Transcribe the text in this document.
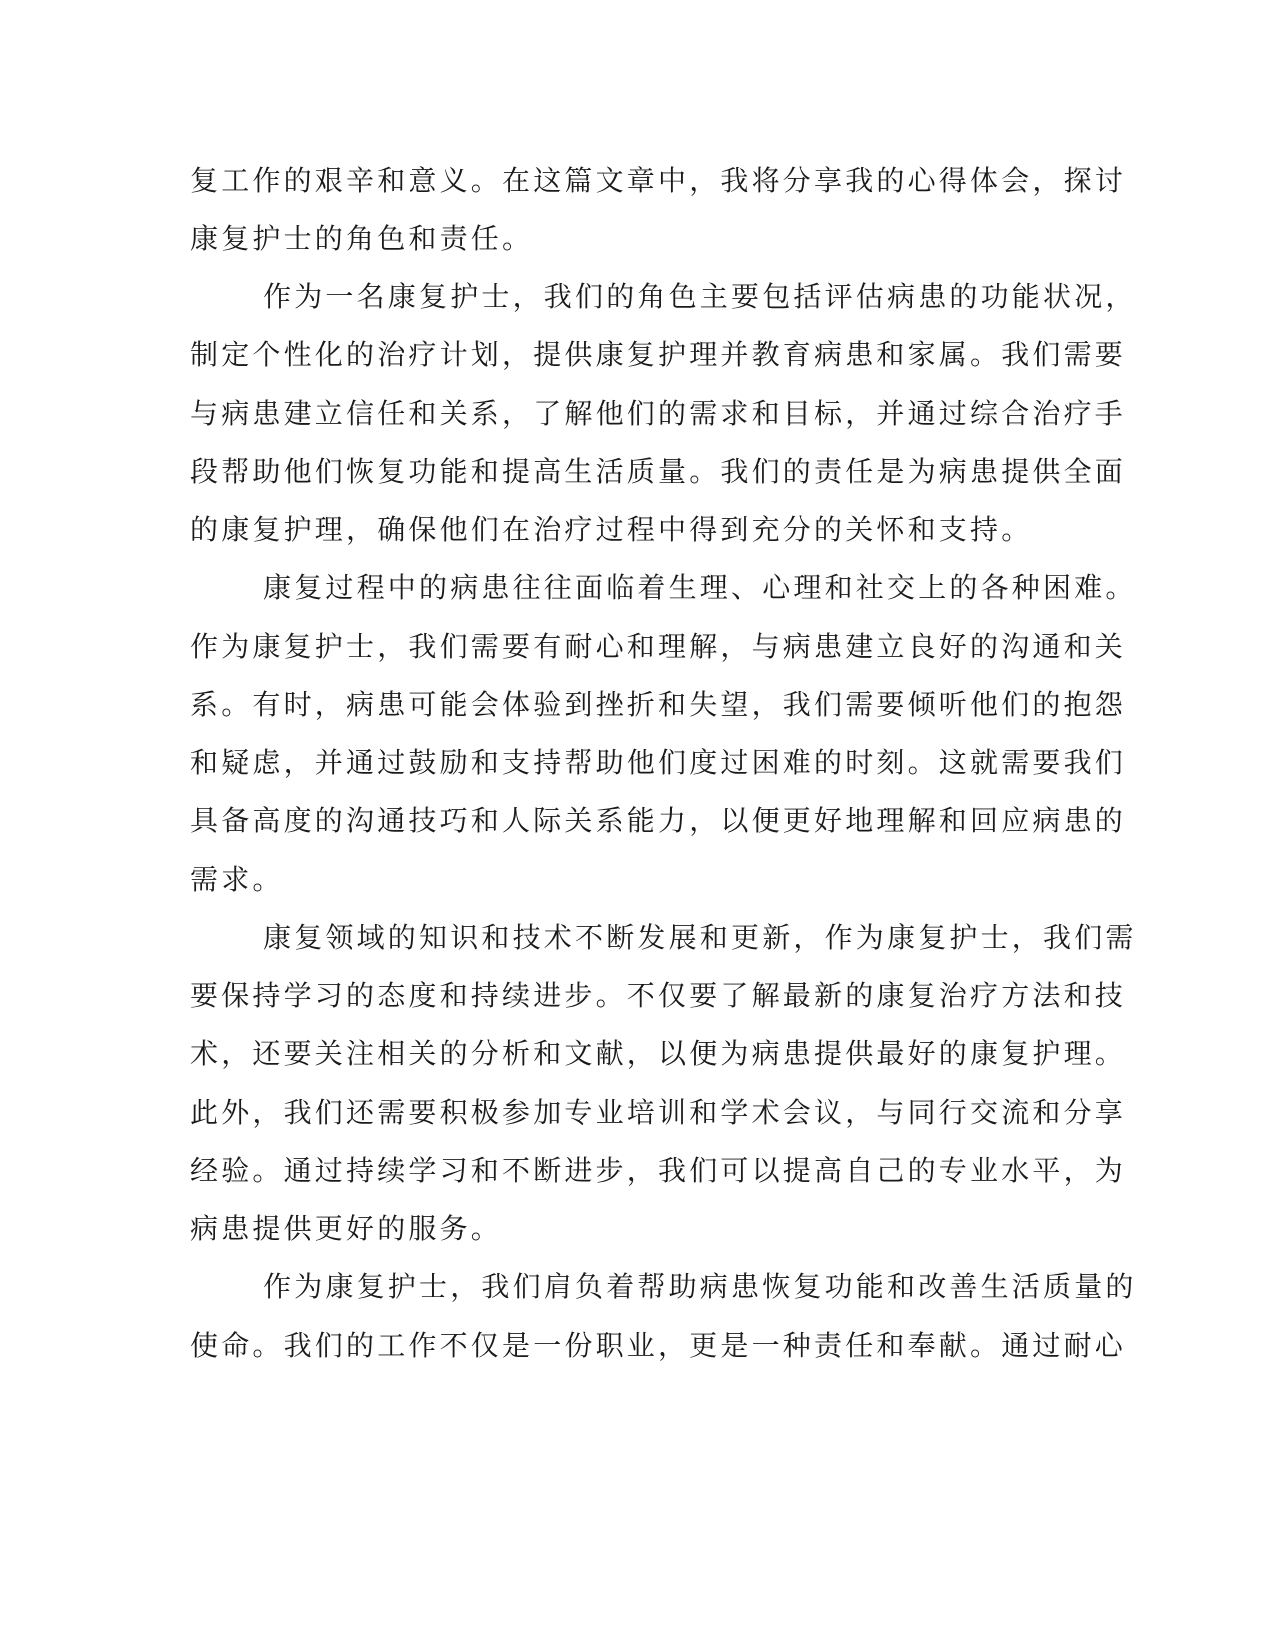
复工作的艰辛和意义。在这篇文章中，我将分享我的心得体会，探讨

康复护士的角色和责任。

作为一名康复护士，我们的角色主要包括评估病患的功能状况，

制定个性化的治疗计划，提供康复护理并教育病患和家属。我们需要

与病患建立信任和关系，了解他们的需求和目标，并通过综合治疗手

段帮助他们恢复功能和提高生活质量。我们的责任是为病患提供全面

的康复护理，确保他们在治疗过程中得到充分的关怀和支持。

康复过程中的病患往往面临着生理、心理和社交上的各种困难。

作为康复护士，我们需要有耐心和理解，与病患建立良好的沟通和关

系。有时，病患可能会体验到挫折和失望，我们需要倾听他们的抱怨

和疑虑，并通过鼓励和支持帮助他们度过困难的时刻。这就需要我们

具备高度的沟通技巧和人际关系能力，以便更好地理解和回应病患的

需求。

康复领域的知识和技术不断发展和更新，作为康复护士，我们需

要保持学习的态度和持续进步。不仅要了解最新的康复治疗方法和技

术，还要关注相关的分析和文献，以便为病患提供最好的康复护理。

此外，我们还需要积极参加专业培训和学术会议，与同行交流和分享

经验。通过持续学习和不断进步，我们可以提高自己的专业水平，为

病患提供更好的服务。

作为康复护士，我们肩负着帮助病患恢复功能和改善生活质量的

使命。我们的工作不仅是一份职业，更是一种责任和奉献。通过耐心
